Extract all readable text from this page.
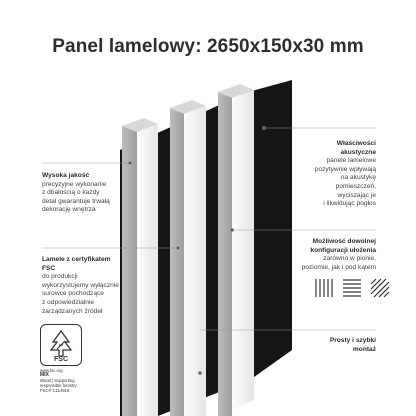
Panel lamelowy: 2650x150x30 mm
Wysoka jakość
precyzyjne wykonanie
z dbałością o każdy
detal gwarantuje trwałą
dekorację wnętrza
Lamele z certyfikatem
FSC
do produkcji
wykorzystujemy wyłącznie
surowce pochodzące
z odpowiedzialnie
zarządzanych źródeł
FSC
www.fsc.org
MIX
Wood | Supporting
responsible forestry
FSC® C114916
Właściwości
akustyczne
panele lamelowe
pozytywnie wpływają
na akustykę
pomieszczeń,
wyciszając je
i likwidując pogłos
Możliwość dowolnej
konfiguracji ułożenia
zarówno w pionie,
poziomie, jak i pod kątem
Prosty i szybki
montaż
